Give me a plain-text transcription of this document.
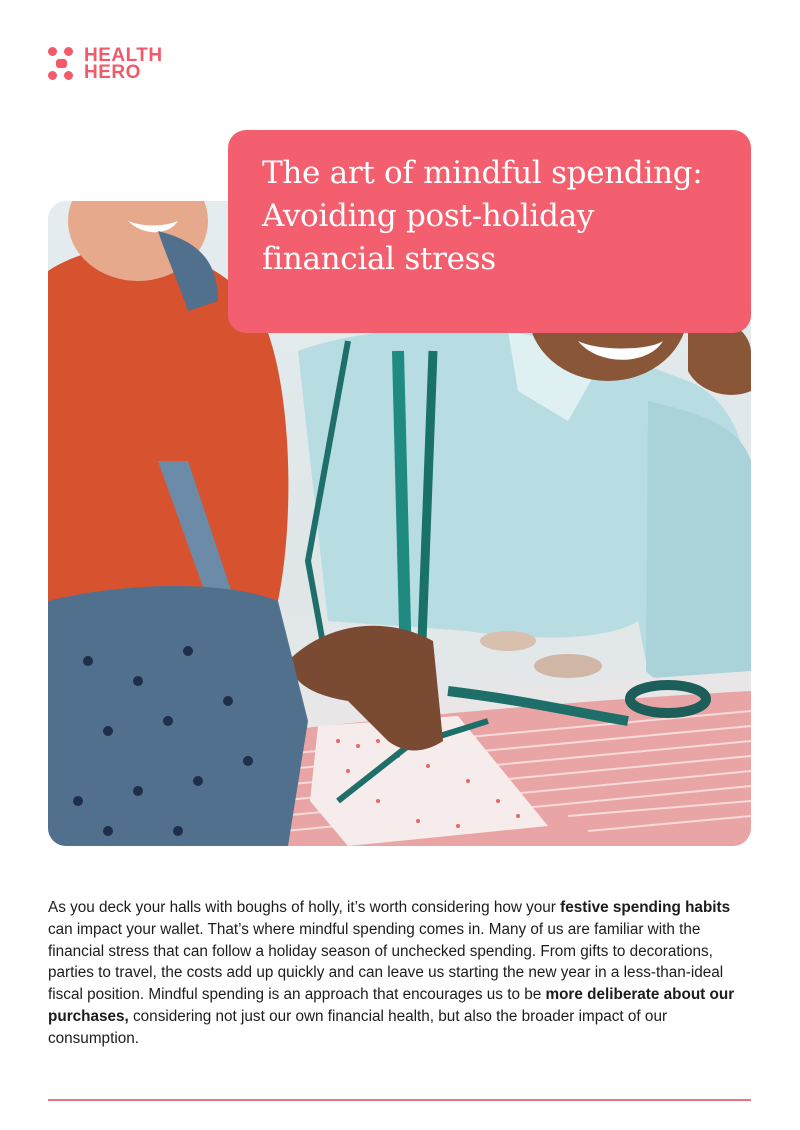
HEALTH
HERO
The art of mindful spending:
Avoiding post-holiday
financial stress

As you deck your halls with boughs of holly, it’s worth considering how your festive spending habits can impact your wallet. That’s where mindful spending comes in. Many of us are familiar with the financial stress that can follow a holiday season of unchecked spending. From gifts to decorations, parties to travel, the costs add up quickly and can leave us starting the new year in a less-than-ideal fiscal position. Mindful spending is an approach that encourages us to be more deliberate about our purchases, considering not just our own financial health, but also the broader impact of our consumption.
